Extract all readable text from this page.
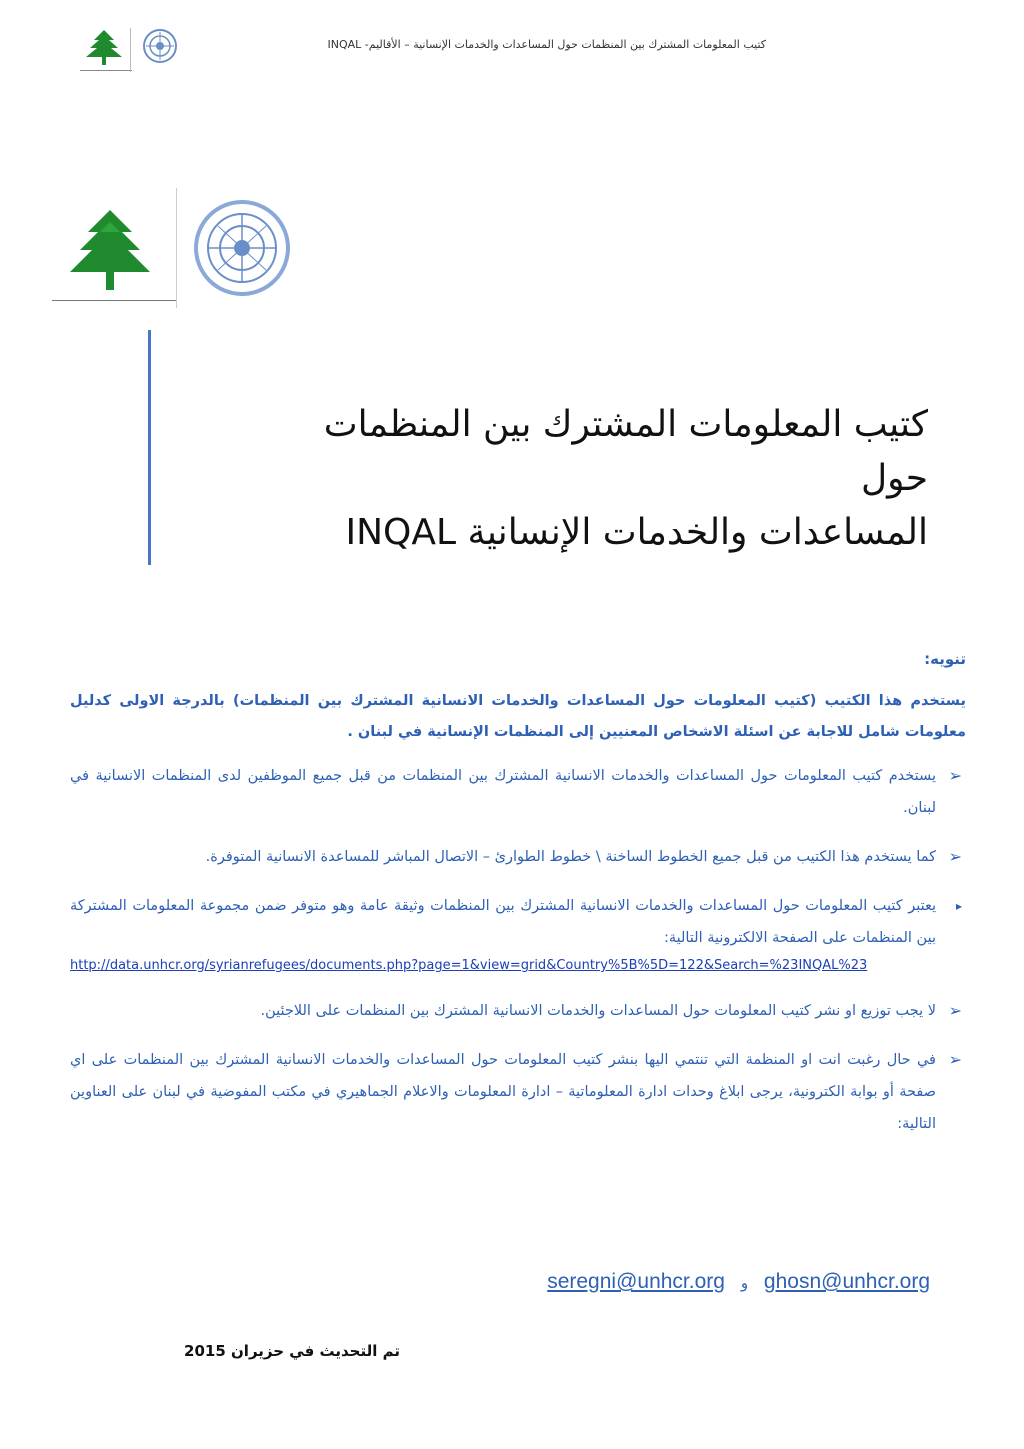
كتيب المعلومات المشترك بين المنظمات حول المساعدات والخدمات الإنسانية – الأقاليم- INQAL
كتيب المعلومات المشترك بين المنظمات حول
المساعدات والخدمات الإنسانية INQAL

تنويه:

يستخدم هذا الكتيب (كتيب المعلومات حول المساعدات والخدمات الانسانية المشترك بين المنظمات) بالدرجة الاولى كدليل معلومات شامل للاجابة عن اسئلة الاشخاص المعنيين إلى المنظمات الإنسانية في لبنان .

➢
يستخدم كتيب المعلومات حول المساعدات والخدمات الانسانية المشترك بين المنظمات من قبل جميع الموظفين لدى المنظمات الانسانية في لبنان.
➢
كما يستخدم هذا الكتيب من قبل جميع الخطوط الساخنة \ خطوط الطوارئ – الاتصال المباشر للمساعدة الانسانية المتوفرة.
▸
يعتبر كتيب المعلومات حول المساعدات والخدمات الانسانية المشترك بين المنظمات وثيقة عامة وهو متوفر ضمن مجموعة المعلومات المشتركة بين المنظمات على الصفحة الالكترونية التالية:
http://data.unhcr.org/syrianrefugees/documents.php?page=1&view=grid&Country%5B%5D=122&Search=%23INQAL%23
➢
لا يجب توزيع او نشر كتيب المعلومات حول المساعدات والخدمات الانسانية المشترك بين المنظمات على اللاجئين.
➢
في حال رغبت انت او المنظمة التي تنتمي اليها بنشر كتيب المعلومات حول المساعدات والخدمات الانسانية المشترك بين المنظمات على اي صفحة أو بوابة الكترونية، يرجى ابلاغ وحدات ادارة المعلوماتية – ادارة المعلومات والاعلام الجماهيري في مكتب المفوضية في لبنان على العناوين التالية:
ghosn@unhcr.org و seregni@unhcr.org
تم التحديث في حزيران 2015
